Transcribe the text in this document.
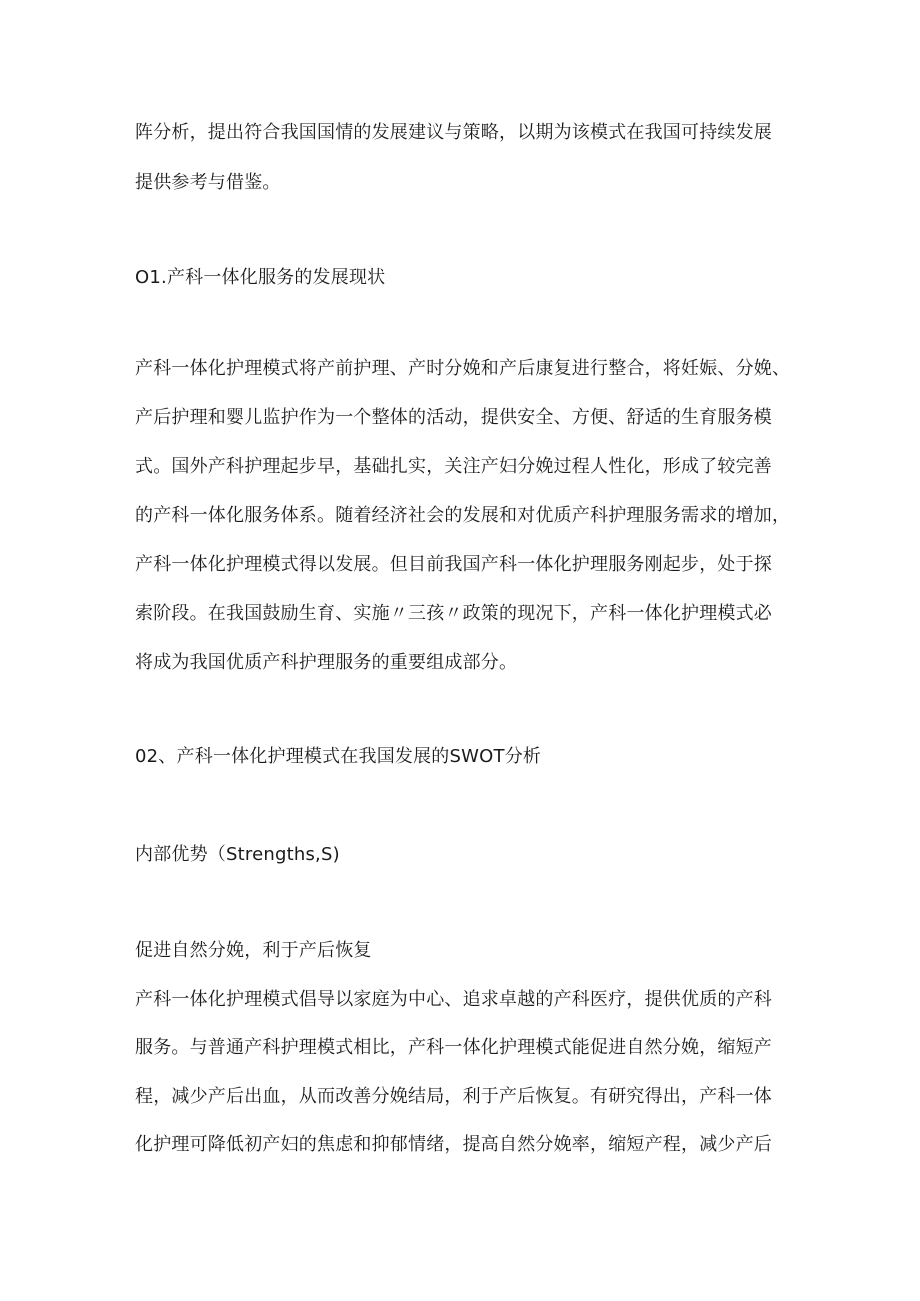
阵分析，提出符合我国国情的发展建议与策略，以期为该模式在我国可持续发展
提供参考与借鉴。
O1.产科一体化服务的发展现状
产科一体化护理模式将产前护理、产时分娩和产后康复进行整合，将妊娠、分娩、
产后护理和婴儿监护作为一个整体的活动，提供安全、方便、舒适的生育服务模
式。国外产科护理起步早，基础扎实，关注产妇分娩过程人性化，形成了较完善
的产科一体化服务体系。随着经济社会的发展和对优质产科护理服务需求的增加，
产科一体化护理模式得以发展。但目前我国产科一体化护理服务刚起步，处于探
索阶段。在我国鼓励生育、实施〃三孩〃政策的现况下，产科一体化护理模式必
将成为我国优质产科护理服务的重要组成部分。
02、产科一体化护理模式在我国发展的SWOT分析
内部优势（Strengths,S)
促进自然分娩，利于产后恢复
产科一体化护理模式倡导以家庭为中心、追求卓越的产科医疗，提供优质的产科
服务。与普通产科护理模式相比，产科一体化护理模式能促进自然分娩，缩短产
程，减少产后出血，从而改善分娩结局，利于产后恢复。有研究得出，产科一体
化护理可降低初产妇的焦虑和抑郁情绪，提高自然分娩率，缩短产程，减少产后
